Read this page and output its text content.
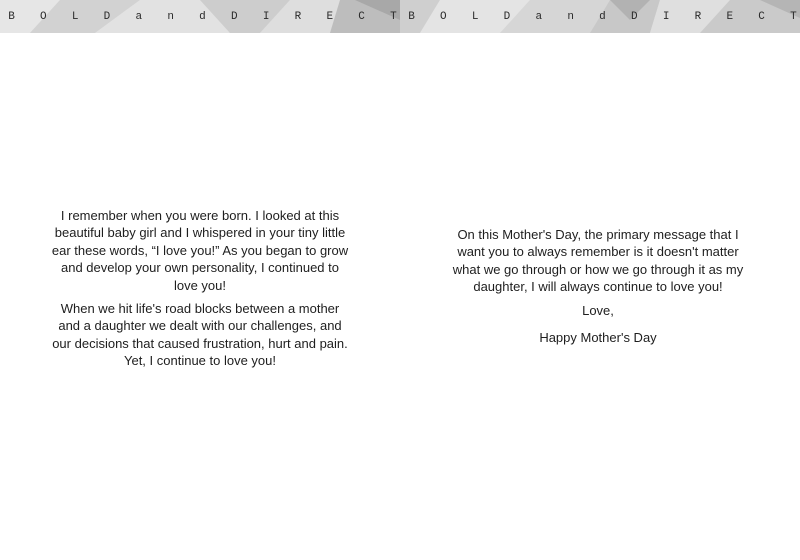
B O L D a n d D I R E C T B O L D a n d D I R E C T

I remember when you were born. I looked at this beautiful baby girl and I whispered in your tiny little ear these words, “I love you!” As you began to grow and develop your own personality, I continued to love you!

When we hit life's road blocks between a mother and a daughter we dealt with our challenges, and our decisions that caused frustration, hurt and pain. Yet, I continue to love you!

On this Mother's Day, the primary message that I want you to always remember is it doesn't matter what we go through or how we go through it as my daughter, I will always continue to love you!

Love,

Happy Mother's Day
